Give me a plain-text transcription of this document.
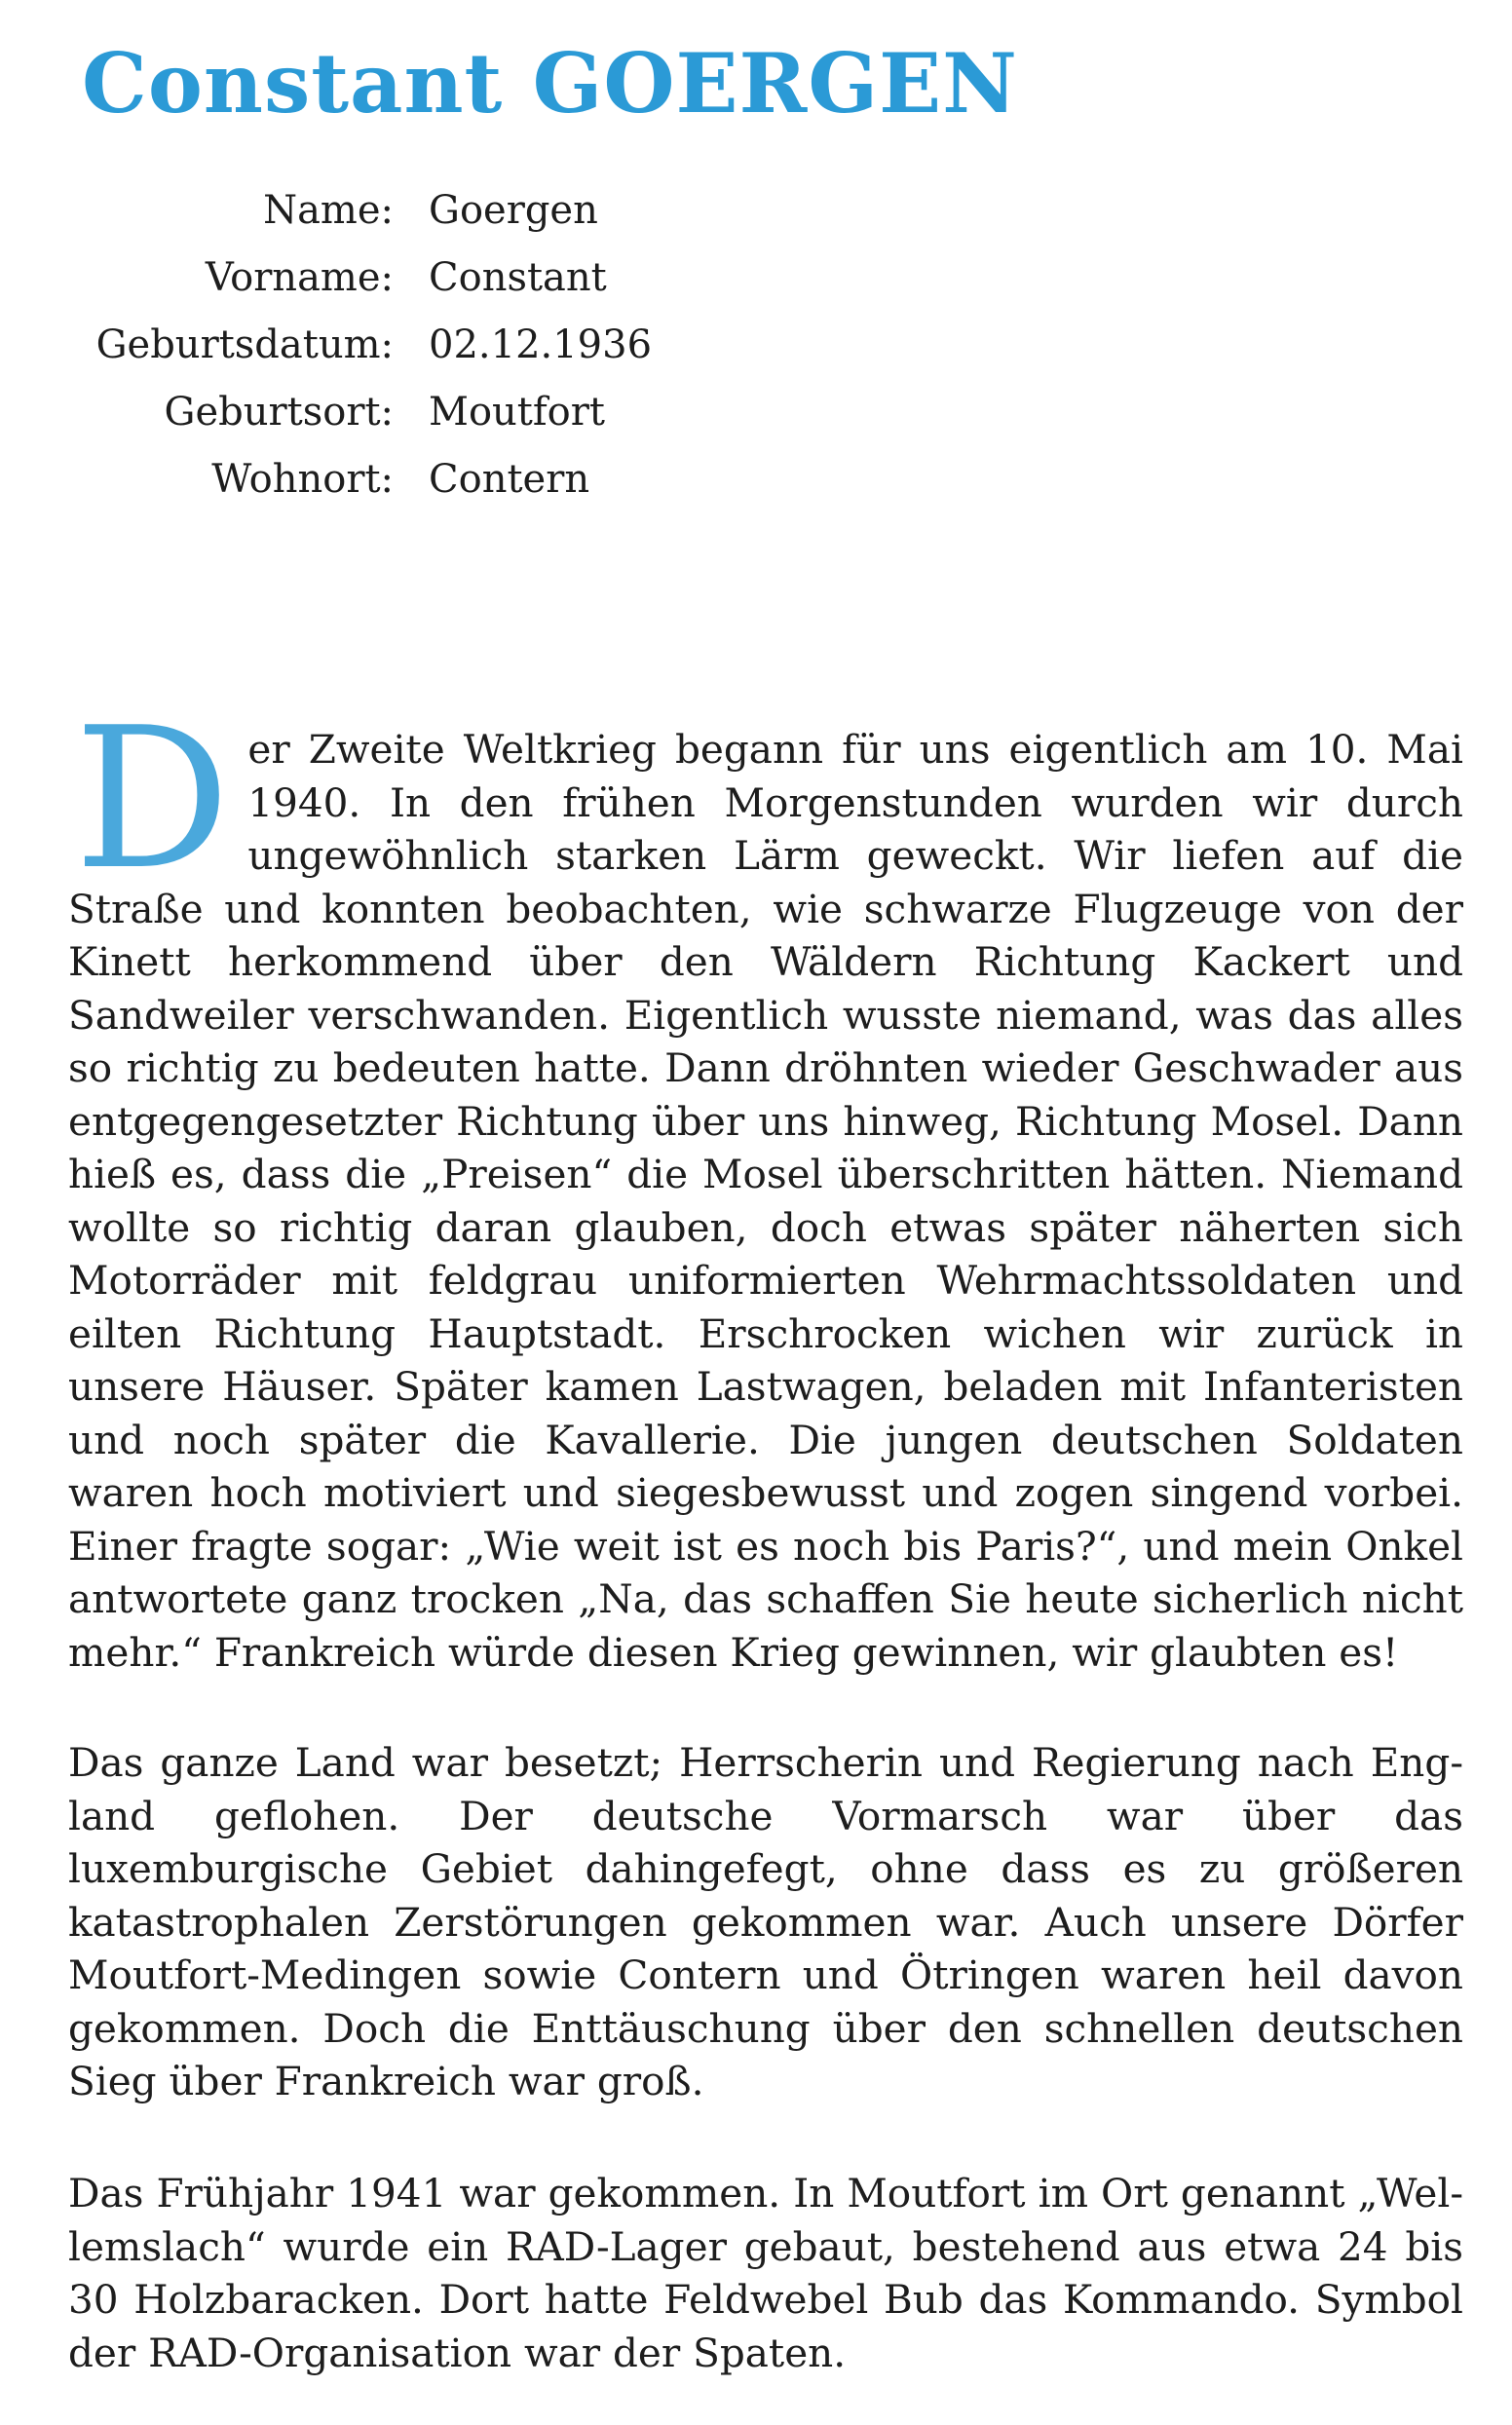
Constant GOERGEN
Name: Goergen
Vorname: Constant
Geburtsdatum: 02.12.1936
Geburtsort: Moutfort
Wohnort: Contern

Der Zweite Weltkrieg begann für uns eigentlich am 10. Mai 1940. In den frühen Morgenstunden wurden wir durch ungewöhnlich starken Lärm geweckt. Wir liefen auf die Straße und konnten beobachten, wie schwarze Flugzeuge von der Kinett herkommend über den Wäldern Richtung Kackert und Sandweiler verschwanden. Eigentlich wusste niemand, was das alles so richtig zu bedeuten hatte. Dann dröhnten wieder Geschwader aus entgegengesetzter Richtung über uns hinweg, Richtung Mosel. Dann hieß es, dass die „Preisen“ die Mosel überschritten hätten. Niemand wollte so richtig daran glauben, doch etwas später näherten sich Motorräder mit feldgrau uniformierten Wehrmachtssoldaten und eilten Richtung Hauptstadt. Erschrocken wichen wir zurück in unsere Häuser. Später kamen Lastwagen, beladen mit Infanteristen und noch später die Kavallerie. Die jungen deutschen Soldaten waren hoch motiviert und siegesbewusst und zogen singend vorbei. Einer fragte sogar: „Wie weit ist es noch bis Paris?“, und mein Onkel antwortete ganz trocken „Na, das schaffen Sie heute sicherlich nicht mehr.“ Frankreich würde diesen Krieg gewinnen, wir glaubten es!

Das ganze Land war besetzt; Herrscherin und Regierung nach England geflohen. Der deutsche Vormarsch war über das luxemburgische Gebiet dahingefegt, ohne dass es zu größeren katastrophalen Zerstörungen gekommen war. Auch unsere Dörfer Moutfort-Medingen sowie Contern und Ötringen waren heil davon gekommen. Doch die Enttäuschung über den schnellen deutschen Sieg über Frankreich war groß.

Das Frühjahr 1941 war gekommen. In Moutfort im Ort genannt „Wellemslach“ wurde ein RAD-Lager gebaut, bestehend aus etwa 24 bis 30 Holzbaracken. Dort hatte Feldwebel Bub das Kommando. Symbol der RAD-Organisation war der Spaten.
